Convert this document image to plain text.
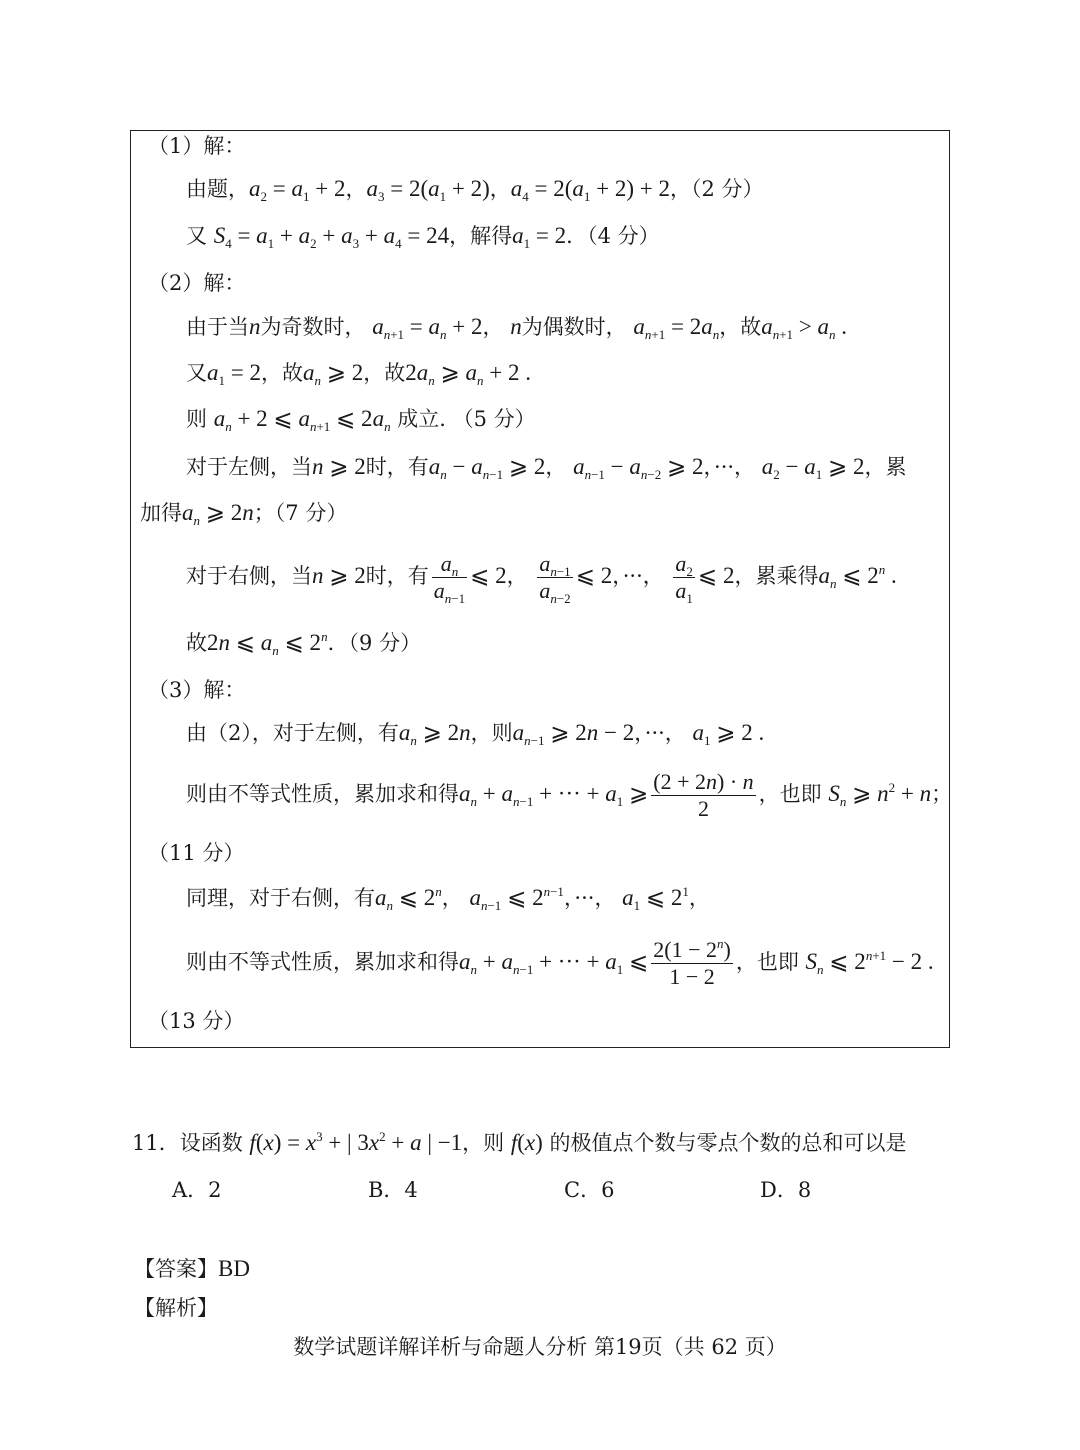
（1）解：
由题，$a_2 = a_1 + 2$，$a_3 = 2(a_1 + 2)$，$a_4 = 2(a_1 + 2) + 2$，（2 分）
又 $S_4 = a_1 + a_2 + a_3 + a_4 = 24$，解得$a_1 = 2$．（4 分）
（2）解：
由于当n为奇数时， $a_{n+1} = a_n + 2$， n为偶数时， $a_{n+1} = 2a_n$，故$a_{n+1} > a_n$ .
又$a_1 = 2$，故$a_n$ ⩾ 2，故$2a_n$ ⩾ $a_n + 2$ .
则 $a_n + 2$ ⩽ $a_{n+1}$ ⩽ $2a_n$ 成立. （5 分）
对于左侧，当n ⩾ 2时，有$a_n - a_{n-1}$ ⩾ 2， $a_{n-1} - a_{n-2}$ ⩾ 2，···， $a_2 - a_1$ ⩾ 2，累
加得$a_n$ ⩾ 2n；（7 分）
对于右侧，当n ⩾ 2时，有 $\frac{a_n}{a_{n-1}}$ ⩽ 2， $\frac{a_{n-1}}{a_{n-2}}$ ⩽ 2，···， $\frac{a_2}{a_1}$ ⩽ 2，累乘得$a_n$ ⩽ 2$^n$ .
故2n ⩽ $a_n$ ⩽ 2$^n$．（9 分）
（3）解：
由（2），对于左侧，有$a_n$ ⩾ 2n，则$a_{n-1}$ ⩾ 2n − 2，···， $a_1$ ⩾ 2 .
则由不等式性质，累加求和得$a_n + a_{n-1}$ + ··· + $a_1$ ⩾ $\frac{(2 + 2n) \cdot n}{2}$ ，也即 $S_n$ ⩾ $n^2 + n$；
（11 分）
同理，对于右侧，有$a_n$ ⩽ 2$^n$， $a_{n-1}$ ⩽ $2^{n-1}$，···， $a_1$ ⩽ $2^1$，
则由不等式性质，累加求和得$a_n + a_{n-1}$ + ··· + $a_1$ ⩽ $\frac{2(1 - 2^n)}{1 - 2}$ ，也即 $S_n$ ⩽ $2^{n+1} - 2$ .
（13 分）
11．设函数 $f(x) = x^3$ + | $3x^2 + a$ | −1，则 f(x) 的极值点个数与零点个数的总和可以是
A．2	B．4	C．6	D．8
【答案】BD
【解析】
数学试题详解详析与命题人分析 第19页（共 62 页）
